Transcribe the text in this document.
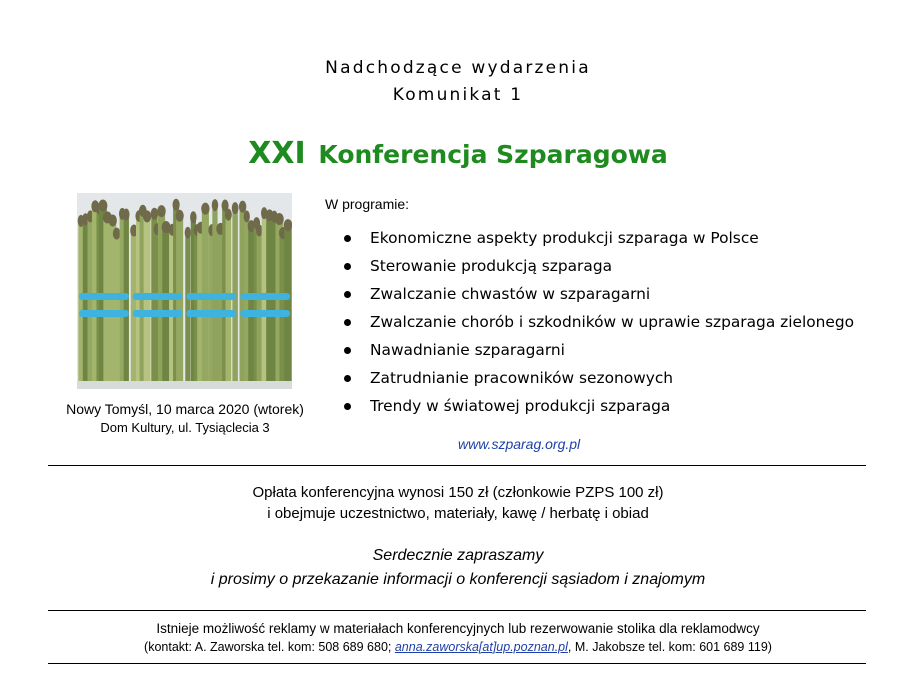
Nadchodzące wydarzenia
Komunikat 1
XXI Konferencja Szparagowa
Nowy Tomyśl, 10 marca 2020 (wtorek)
Dom Kultury, ul. Tysiąclecia 3
W programie:
Ekonomiczne aspekty produkcji szparaga w Polsce
Sterowanie produkcją szparaga
Zwalczanie chwastów w szparagarni
Zwalczanie chorób i szkodników w uprawie szparaga zielonego
Nawadnianie szparagarni
Zatrudnianie pracowników sezonowych
Trendy w światowej produkcji szparaga
www.szparag.org.pl
Opłata konferencyjna wynosi 150 zł (członkowie PZPS 100 zł)
i obejmuje uczestnictwo, materiały, kawę / herbatę i obiad
Serdecznie zapraszamy
i prosimy o przekazanie informacji o konferencji sąsiadom i znajomym
Istnieje możliwość reklamy w materiałach konferencyjnych lub rezerwowanie stolika dla reklamodwcy
(kontakt: A. Zaworska tel. kom: 508 689 680; anna.zaworska[at]up.poznan.pl, M. Jakobsze tel. kom: 601 689 119)
